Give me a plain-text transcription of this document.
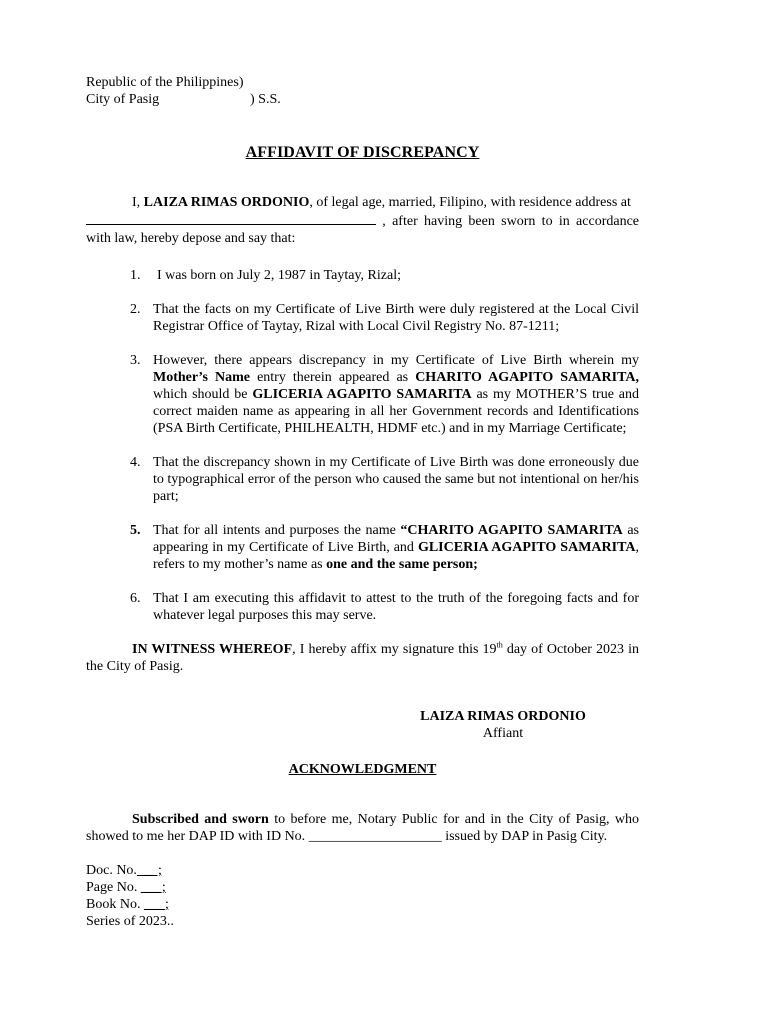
Republic of the Philippines)
City of Pasig	) S.S.
AFFIDAVIT OF DISCREPANCY
I, LAIZA RIMAS ORDONIO, of legal age, married, Filipino, with residence address at
, after having been sworn to in accordance with law, hereby depose and say that:
1. I was born on July 2, 1987 in Taytay, Rizal;
2. That the facts on my Certificate of Live Birth were duly registered at the Local Civil Registrar Office of Taytay, Rizal with Local Civil Registry No. 87-1211;
3. However, there appears discrepancy in my Certificate of Live Birth wherein my Mother’s Name entry therein appeared as CHARITO AGAPITO SAMARITA, which should be GLICERIA AGAPITO SAMARITA as my MOTHER’S true and correct maiden name as appearing in all her Government records and Identifications (PSA Birth Certificate, PHILHEALTH, HDMF etc.) and in my Marriage Certificate;
4. That the discrepancy shown in my Certificate of Live Birth was done erroneously due to typographical error of the person who caused the same but not intentional on her/his part;
5. That for all intents and purposes the name “CHARITO AGAPITO SAMARITA as appearing in my Certificate of Live Birth, and GLICERIA AGAPITO SAMARITA, refers to my mother’s name as one and the same person;
6. That I am executing this affidavit to attest to the truth of the foregoing facts and for whatever legal purposes this may serve.
IN WITNESS WHEREOF, I hereby affix my signature this 19th day of October 2023 in the City of Pasig.
LAIZA RIMAS ORDONIO
Affiant
ACKNOWLEDGMENT
Subscribed and sworn to before me, Notary Public for and in the City of Pasig, who showed to me her DAP ID with ID No. ___________________ issued by DAP in Pasig City.
Doc. No. __ ;
Page No. ___;
Book No. ___;
Series of 2023..
